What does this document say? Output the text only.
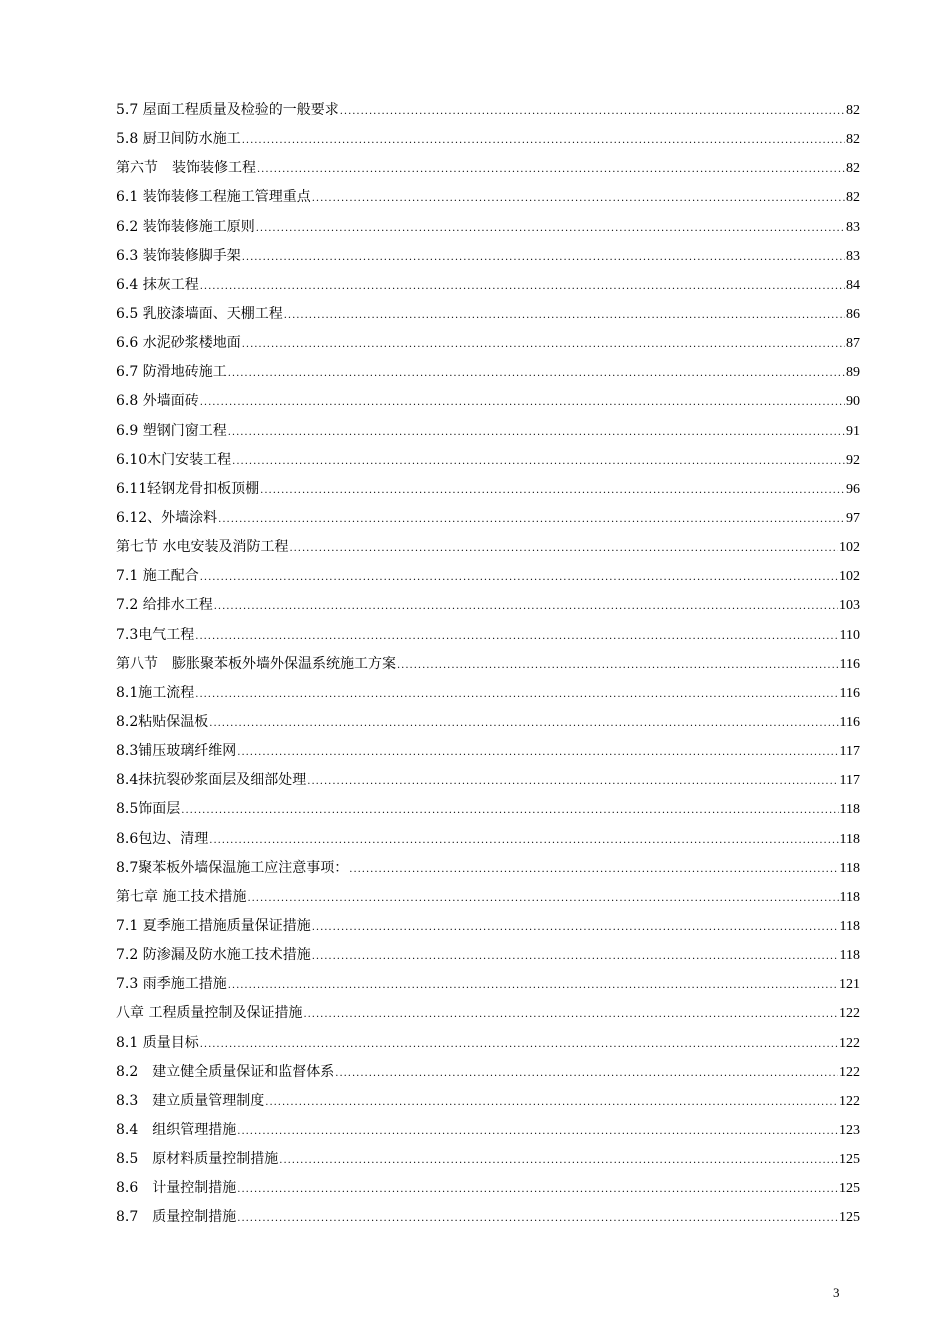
5.7 屋面工程质量及检验的一般要求 .....	82
5.8 厨卫间防水施工 .....	82
第六节　装饰装修工程 .....	82
6.1 装饰装修工程施工管理重点 .....	82
6.2 装饰装修施工原则 .....	83
6.3 装饰装修脚手架 .....	83
6.4 抹灰工程 .....	84
6.5 乳胶漆墙面、天棚工程 .....	86
6.6 水泥砂浆楼地面 .....	87
6.7 防滑地砖施工 .....	89
6.8 外墙面砖 .....	90
6.9 塑钢门窗工程 .....	91
6.10木门安装工程 .....	92
6.11轻钢龙骨扣板顶棚 .....	96
6.12、外墙涂料 .....	97
第七节 水电安装及消防工程 .....	102
7.1 施工配合 .....	102
7.2 给排水工程 .....	103
7.3电气工程 .....	110
第八节　膨胀聚苯板外墙外保温系统施工方案 .....	116
8.1施工流程 .....	116
8.2粘贴保温板 .....	116
8.3铺压玻璃纤维网 .....	117
8.4抹抗裂砂浆面层及细部处理 .....	117
8.5饰面层 .....	118
8.6包边、清理 .....	118
8.7聚苯板外墙保温施工应注意事项： .....	118
第七章 施工技术措施 .....	118
7.1 夏季施工措施质量保证措施 .....	118
7.2 防渗漏及防水施工技术措施 .....	118
7.3 雨季施工措施 .....	121
八章 工程质量控制及保证措施 .....	122
8.1 质量目标 .....	122
8.2　建立健全质量保证和监督体系 .....	122
8.3　建立质量管理制度 .....	122
8.4　组织管理措施 .....	123
8.5　原材料质量控制措施 .....	125
8.6　计量控制措施 .....	125
8.7　质量控制措施 .....	125
3
